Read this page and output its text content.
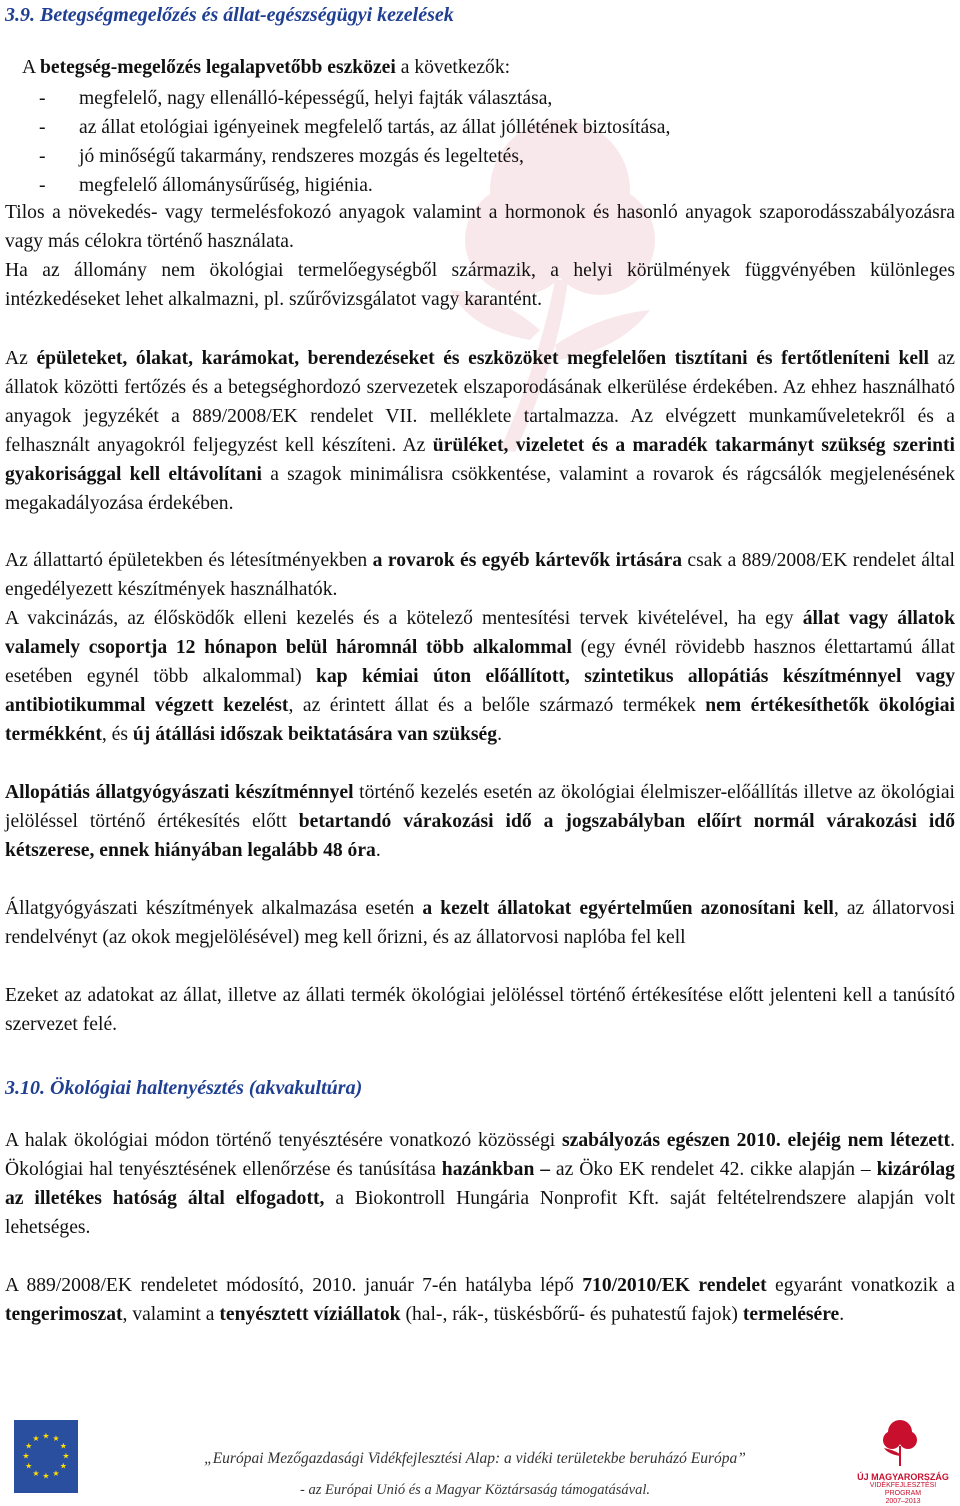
3.9. Betegségmegelőzés és állat-egészségügyi kezelések
A betegség-megelőzés legalapvetőbb eszközei a következők:
- megfelelő, nagy ellenálló-képességű, helyi fajták választása,
- az állat etológiai igényeinek megfelelő tartás, az állat jóllétének biztosítása,
- jó minőségű takarmány, rendszeres mozgás és legeltetés,
- megfelelő állománysűrűség, higiénia.

Tilos a növekedés- vagy termelésfokozó anyagok valamint a hormonok és hasonló anyagok szaporodásszabályozásra vagy más célokra történő használata.

Ha az állomány nem ökológiai termelőegységből származik, a helyi körülmények függvényében különleges intézkedéseket lehet alkalmazni, pl. szűrővizsgálatot vagy karantént.

Az épületeket, ólakat, karámokat, berendezéseket és eszközöket megfelelően tisztítani és fertőtleníteni kell az állatok közötti fertőzés és a betegséghordozó szervezetek elszaporodásának elkerülése érdekében. Az ehhez használható anyagok jegyzékét a 889/2008/EK rendelet VII. melléklete tartalmazza. Az elvégzett munkaműveletekről és a felhasznált anyagokról feljegyzést kell készíteni. Az ürüléket, vizeletet és a maradék takarmányt szükség szerinti gyakorisággal kell eltávolítani a szagok minimálisra csökkentése, valamint a rovarok és rágcsálók megjelenésének megakadályozása érdekében.

Az állattartó épületekben és létesítményekben a rovarok és egyéb kártevők irtására csak a 889/2008/EK rendelet által engedélyezett készítmények használhatók.

A vakcinázás, az élősködők elleni kezelés és a kötelező mentesítési tervek kivételével, ha egy állat vagy állatok valamely csoportja 12 hónapon belül háromnál több alkalommal (egy évnél rövidebb hasznos élettartamú állat esetében egynél több alkalommal) kap kémiai úton előállított, szintetikus allopátiás készítménnyel vagy antibiotikummal végzett kezelést, az érintett állat és a belőle származó termékek nem értékesíthetők ökológiai termékként, és új átállási időszak beiktatására van szükség.

Allopátiás állatgyógyászati készítménnyel történő kezelés esetén az ökológiai élelmiszer-előállítás illetve az ökológiai jelöléssel történő értékesítés előtt betartandó várakozási idő a jogszabályban előírt normál várakozási idő kétszerese, ennek hiányában legalább 48 óra.

Állatgyógyászati készítmények alkalmazása esetén a kezelt állatokat egyértelműen azonosítani kell, az állatorvosi rendelvényt (az okok megjelölésével) meg kell őrizni, és az állatorvosi naplóba fel kell

Ezeket az adatokat az állat, illetve az állati termék ökológiai jelöléssel történő értékesítése előtt jelenteni kell a tanúsító szervezet felé.

3.10. Ökológiai haltenyésztés (akvakultúra)

A halak ökológiai módon történő tenyésztésére vonatkozó közösségi szabályozás egészen 2010. elejéig nem létezett. Ökológiai hal tenyésztésének ellenőrzése és tanúsítása hazánkban – az Öko EK rendelet 42. cikke alapján – kizárólag az illetékes hatóság által elfogadott, a Biokontroll Hungária Nonprofit Kft. saját feltételrendszere alapján volt lehetséges.

A 889/2008/EK rendeletet módosító, 2010. január 7-én hatályba lépő 710/2010/EK rendelet egyaránt vonatkozik a tengerimoszat, valamint a tenyésztett víziállatok (hal-, rák-, tüskésbőrű- és puhatestű fajok) termelésére.

★
★
★
★
★
★
★
★
★ ★ ★
★
„Európai Mezőgazdasági Vidékfejlesztési Alap: a vidéki területekbe beruházó Európa”
- az Európai Unió és a Magyar Köztársaság támogatásával.
ÚJ MAGYARORSZÁG
VIDÉKFEJLESZTÉSI PROGRAM
2007–2013
